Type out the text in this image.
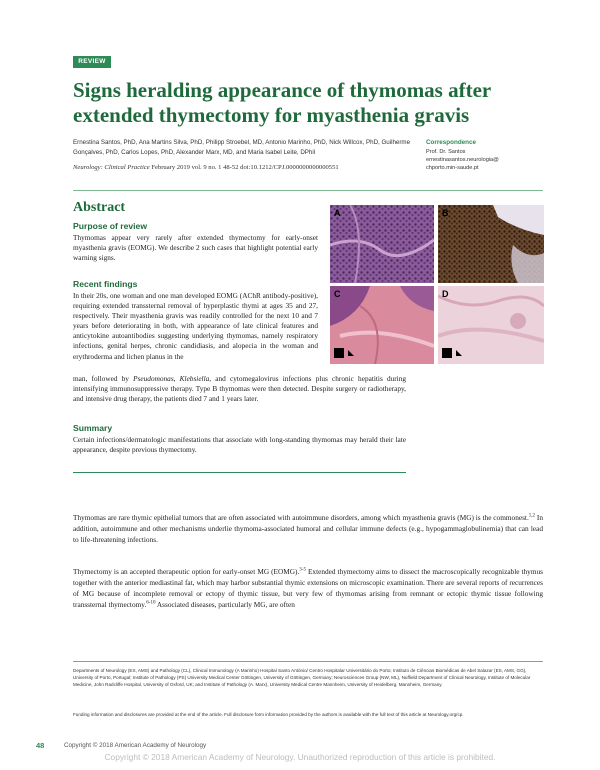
REVIEW
Signs heralding appearance of thymomas after extended thymectomy for myasthenia gravis
Ernestina Santos, PhD, Ana Martins Silva, PhD, Philipp Stroebel, MD, Antonio Marinho, PhD, Nick Willcox, PhD, Guilherme Gonçalves, PhD, Carlos Lopes, PhD, Alexander Marx, MD, and Maria Isabel Leite, DPhil
Neurology: Clinical Practice February 2019 vol. 9 no. 1 48-52 doi:10.1212/CPJ.0000000000000551
Correspondence
Prof. Dr. Santos
ernestinasantos.neurologia@
chporto.min-saude.pt
Abstract
Purpose of review
Thymomas appear very rarely after extended thymectomy for early-onset myasthenia gravis (EOMG). We describe 2 such cases that highlight potential early warning signs.
Recent findings
In their 20s, one woman and one man developed EOMG (AChR antibody-positive), requiring extended transsternal removal of hyperplastic thymi at ages 35 and 27, respectively. Their myasthenia gravis was readily controlled for the next 10 and 7 years before deteriorating in both, with appearance of late clinical features and anticytokine autoantibodies suggesting underlying thymomas, namely respiratory infections, genital herpes, chronic candidiasis, and alopecia in the woman and erythroderma and lichen planus in the
man, followed by Pseudomonas, Klebsiella, and cytomegalovirus infections plus chronic hepatitis during intensifying immunosuppressive therapy. Type B thymomas were then detected. Despite surgery or radiotherapy, and intensive drug therapy, the patients died 7 and 1 years later.
Summary
Certain infections/dermatologic manifestations that associate with long-standing thymomas may herald their late appearance, despite previous thymectomy.
A	B
C	D
Thymomas are rare thymic epithelial tumors that are often associated with autoimmune disorders, among which myasthenia gravis (MG) is the commonest.$^{1,2}$ In addition, autoimmune and other mechanisms underlie thymoma-associated humoral and cellular immune defects (e.g., hypogammaglobulinemia) that can lead to life-threatening infections.
Thymectomy is an accepted therapeutic option for early-onset MG (EOMG).$^{3-5}$ Extended thymectomy aims to dissect the macroscopically recognizable thymus together with the anterior mediastinal fat, which may harbor substantial thymic extensions on microscopic examination. There are several reports of recurrences of MG because of incomplete removal or ectopy of thymic tissue, but very few of thymomas arising from remnant or ectopic thymic tissue following transsternal thymectomy.$^{6-10}$ Associated diseases, particularly MG, are often
Departments of Neurology (ES, AMS) and Pathology (CL), Clinical Immunology (A Marinho) Hospital Santo António/ Centro Hospitalar Universitário do Porto; Instituto de Ciências Biomédicas de Abel Salazar (ES, AMS, GG), University of Porto, Portugal; Institute of Pathology (PS) University Medical Center Göttingen, University of Göttingen, Germany; Neurosciences Group (NW, ML), Nuffield Department of Clinical Neurology, Institute of Molecular Medicine, John Radcliffe Hospital, University of Oxford, UK; and Institute of Pathology (A. Marx), University Medical Centre Mannheim, University of Heidelberg, Mannheim, Germany.
Funding information and disclosures are provided at the end of the article. Full disclosure form information provided by the authors is available with the full text of this article at Neurology.org/cp.
48	Copyright © 2018 American Academy of Neurology
Copyright © 2018 American Academy of Neurology. Unauthorized reproduction of this article is prohibited.
